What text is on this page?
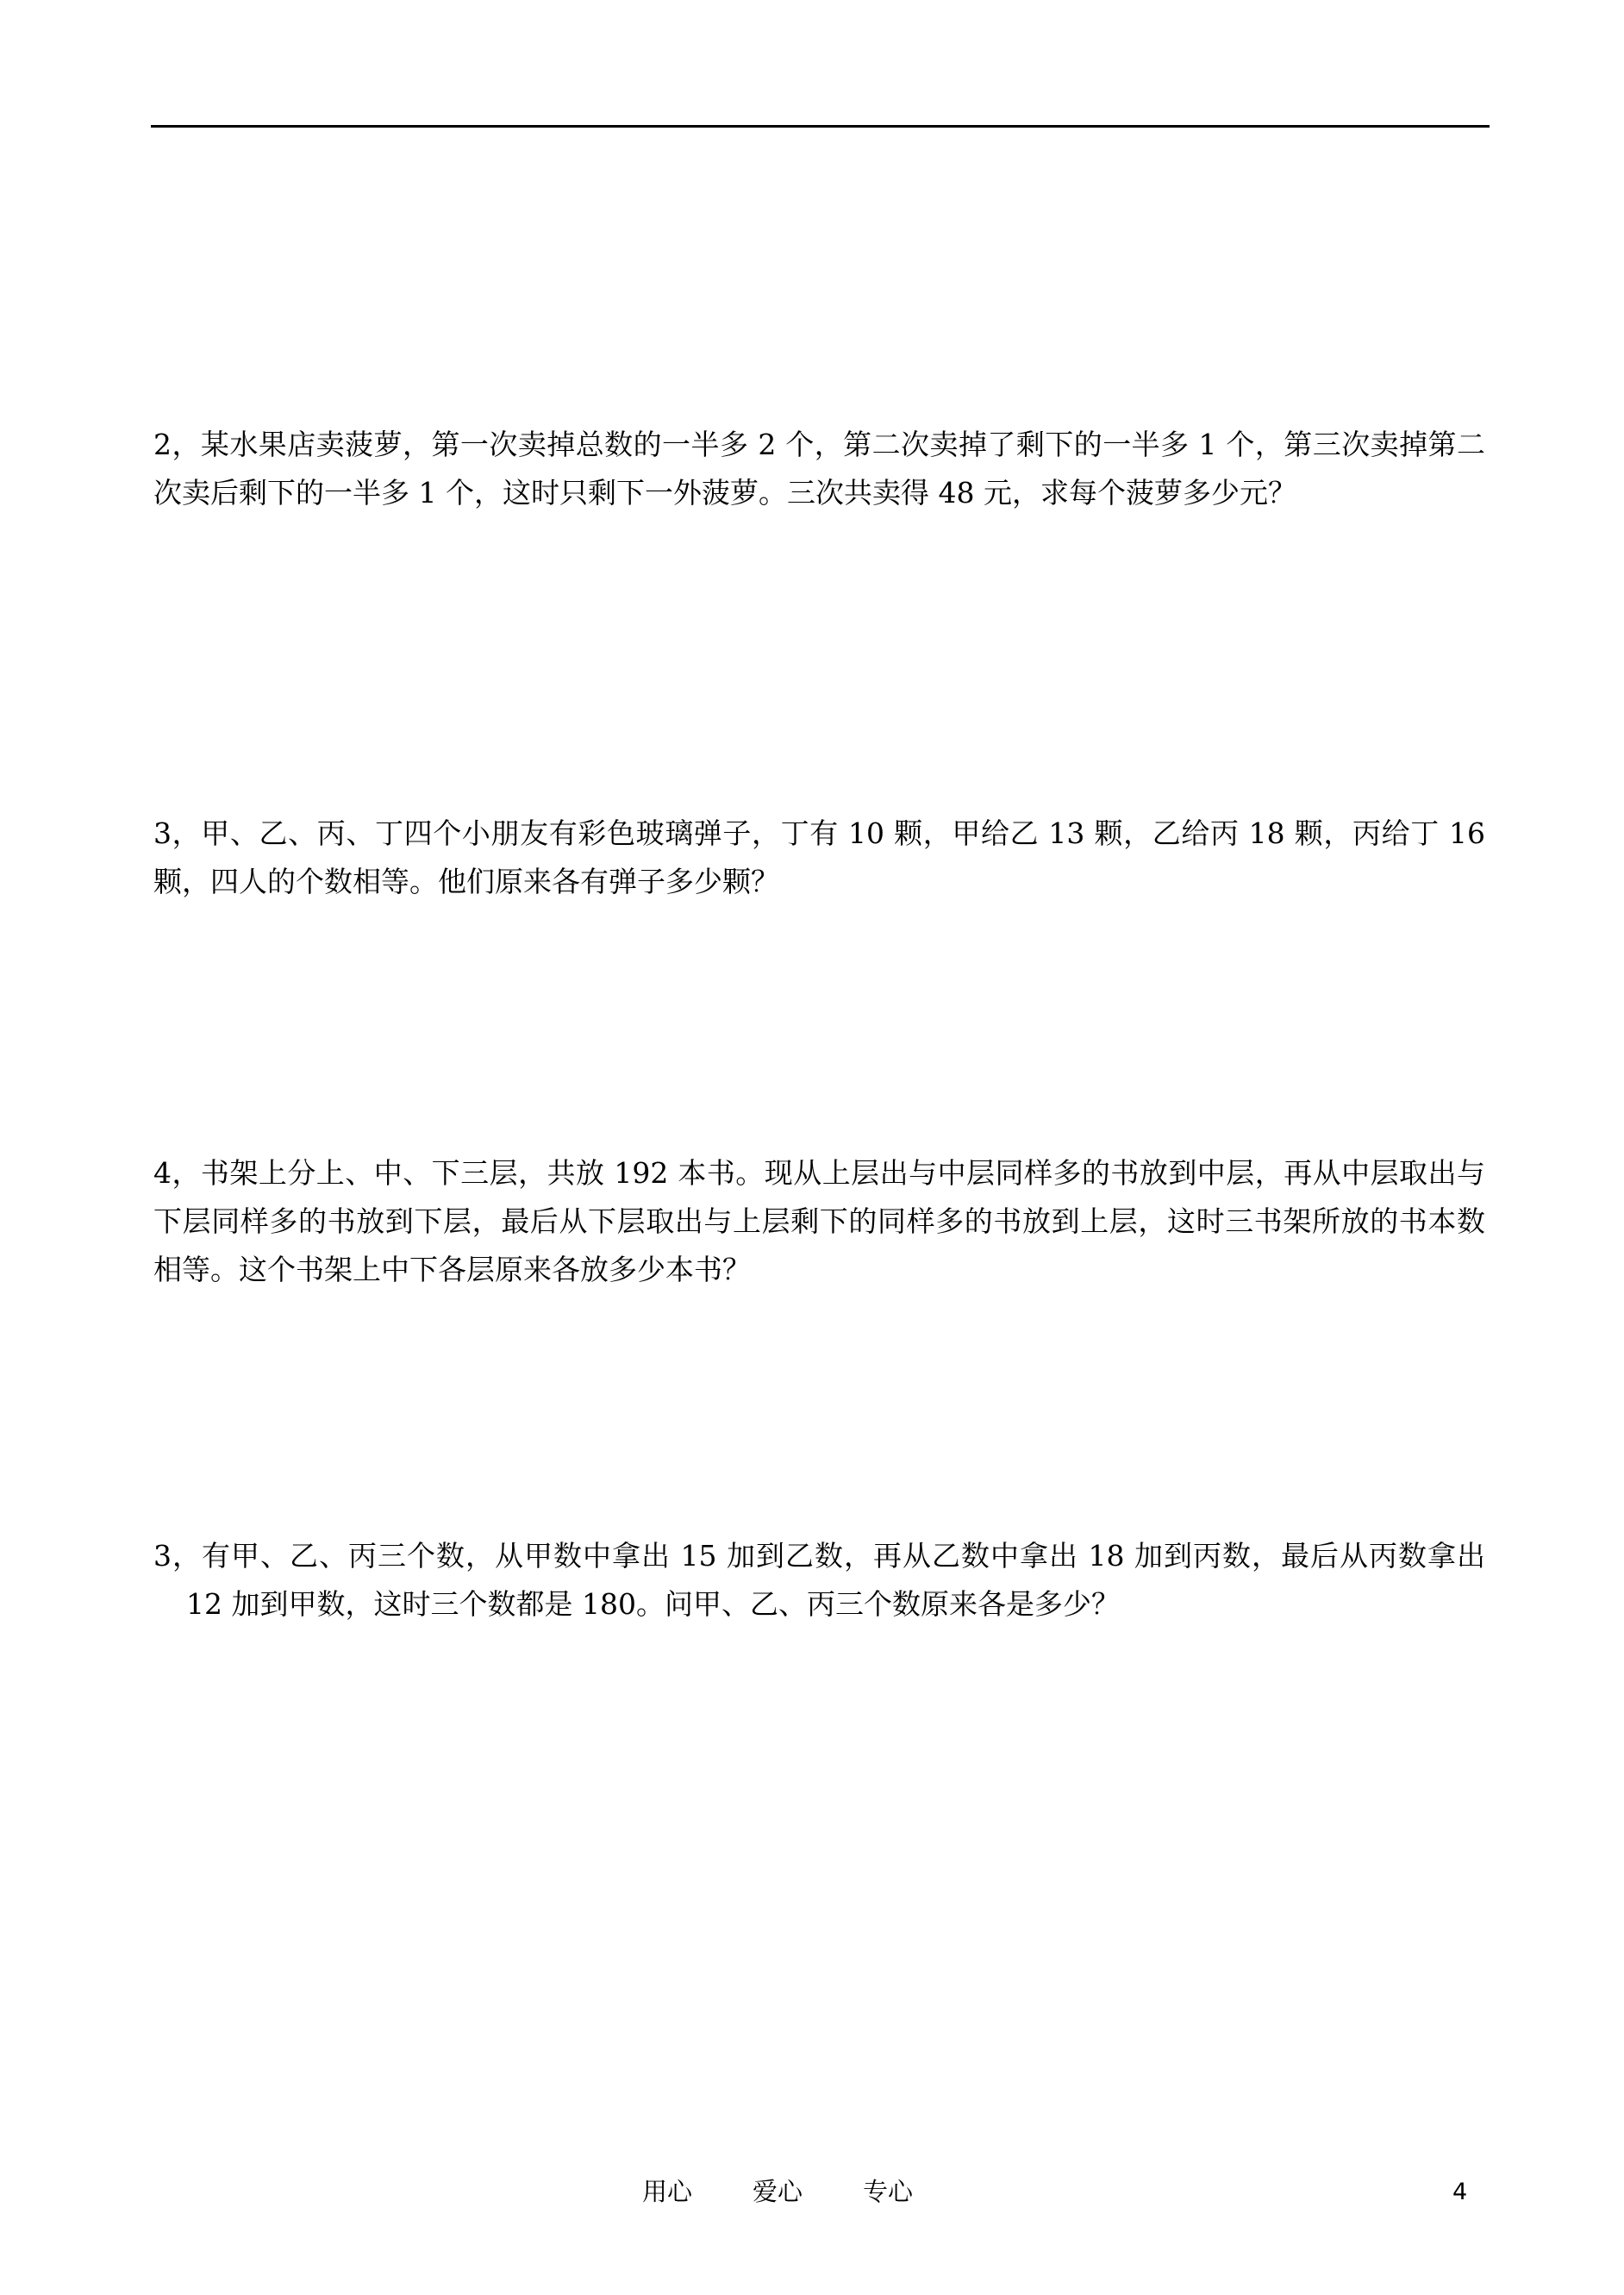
2，某水果店卖菠萝，第一次卖掉总数的一半多 2 个，第二次卖掉了剩下的一半多 1 个，第三次卖掉第二次卖后剩下的一半多 1 个，这时只剩下一外菠萝。三次共卖得 48 元，求每个菠萝多少元？

3，甲、乙、丙、丁四个小朋友有彩色玻璃弹子，丁有 10 颗，甲给乙 13 颗，乙给丙 18 颗，丙给丁 16 颗，四人的个数相等。他们原来各有弹子多少颗？

4，书架上分上、中、下三层，共放 192 本书。现从上层出与中层同样多的书放到中层，再从中层取出与下层同样多的书放到下层，最后从下层取出与上层剩下的同样多的书放到上层，这时三书架所放的书本数相等。这个书架上中下各层原来各放多少本书？

3，有甲、乙、丙三个数，从甲数中拿出 15 加到乙数，再从乙数中拿出 18 加到丙数，最后从丙数拿出 12 加到甲数，这时三个数都是 180。问甲、乙、丙三个数原来各是多少？

用心 爱心 专心	4
